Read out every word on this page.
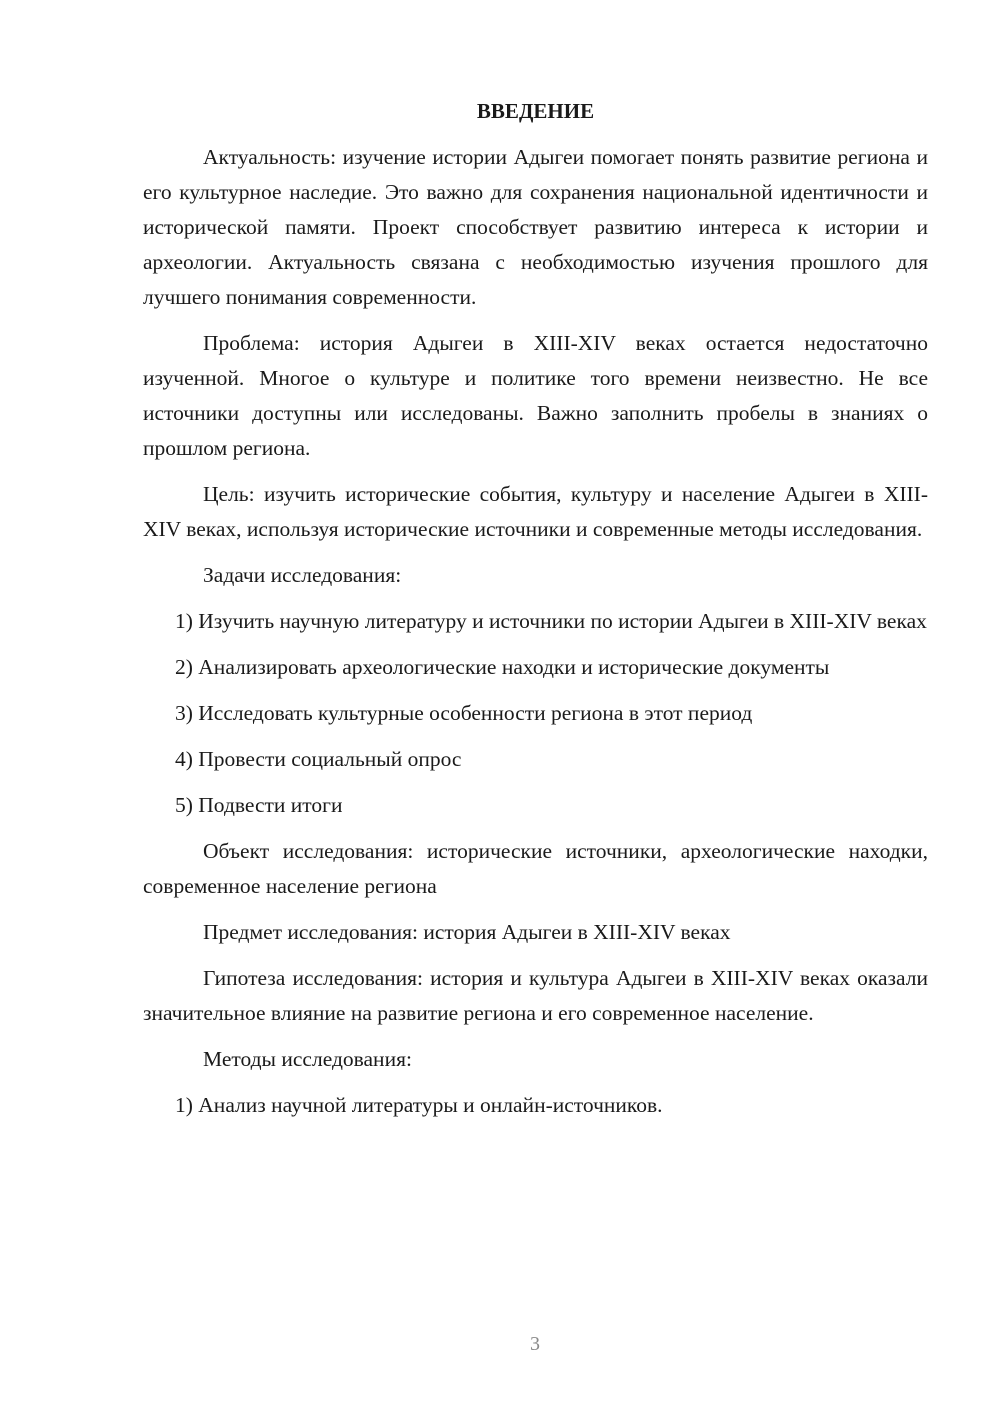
ВВЕДЕНИЕ

Актуальность: изучение истории Адыгеи помогает понять развитие региона и его культурное наследие. Это важно для сохранения национальной идентичности и исторической памяти. Проект способствует развитию интереса к истории и археологии. Актуальность связана с необходимостью изучения прошлого для лучшего понимания современности.

Проблема: история Адыгеи в XIII-XIV веках остается недостаточно изученной. Многое о культуре и политике того времени неизвестно. Не все источники доступны или исследованы. Важно заполнить пробелы в знаниях о прошлом региона.

Цель: изучить исторические события, культуру и население Адыгеи в XIII-XIV веках, используя исторические источники и современные методы исследования.

Задачи исследования:

1) Изучить научную литературу и источники по истории Адыгеи в XIII-XIV веках

2) Анализировать археологические находки и исторические документы

3) Исследовать культурные особенности региона в этот период

4) Провести социальный опрос

5) Подвести итоги

Объект исследования: исторические источники, археологические находки, современное население региона

Предмет исследования: история Адыгеи в XIII-XIV веках

Гипотеза исследования: история и культура Адыгеи в XIII-XIV веках оказали значительное влияние на развитие региона и его современное население.

Методы исследования:

1) Анализ научной литературы и онлайн-источников.

3
